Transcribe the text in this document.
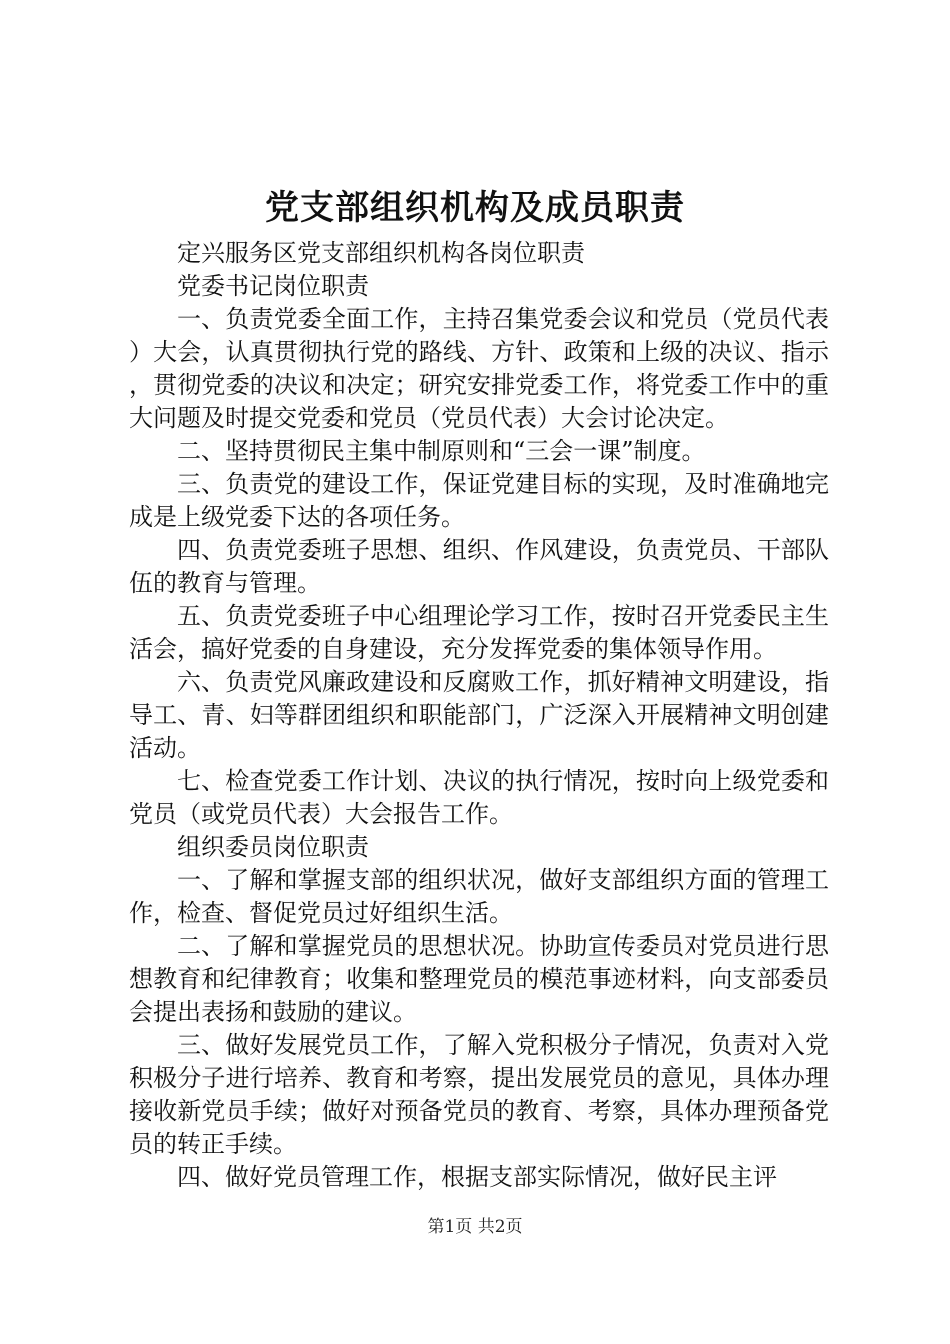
党支部组织机构及成员职责

定兴服务区党支部组织机构各岗位职责

党委书记岗位职责

一、负责党委全面工作，主持召集党委会议和党员（党员代表）大会，认真贯彻执行党的路线、方针、政策和上级的决议、指示，贯彻党委的决议和决定；研究安排党委工作，将党委工作中的重大问题及时提交党委和党员（党员代表）大会讨论决定。

二、坚持贯彻民主集中制原则和“三会一课”制度。

三、负责党的建设工作，保证党建目标的实现，及时准确地完成是上级党委下达的各项任务。

四、负责党委班子思想、组织、作风建设，负责党员、干部队伍的教育与管理。

五、负责党委班子中心组理论学习工作，按时召开党委民主生活会，搞好党委的自身建设，充分发挥党委的集体领导作用。

六、负责党风廉政建设和反腐败工作，抓好精神文明建设，指导工、青、妇等群团组织和职能部门，广泛深入开展精神文明创建活动。

七、检查党委工作计划、决议的执行情况，按时向上级党委和党员（或党员代表）大会报告工作。

组织委员岗位职责

一、了解和掌握支部的组织状况，做好支部组织方面的管理工作，检查、督促党员过好组织生活。

二、了解和掌握党员的思想状况。协助宣传委员对党员进行思想教育和纪律教育；收集和整理党员的模范事迹材料，向支部委员会提出表扬和鼓励的建议。

三、做好发展党员工作，了解入党积极分子情况，负责对入党积极分子进行培养、教育和考察，提出发展党员的意见，具体办理接收新党员手续；做好对预备党员的教育、考察，具体办理预备党员的转正手续。

四、做好党员管理工作，根据支部实际情况，做好民主评

第1页 共2页
